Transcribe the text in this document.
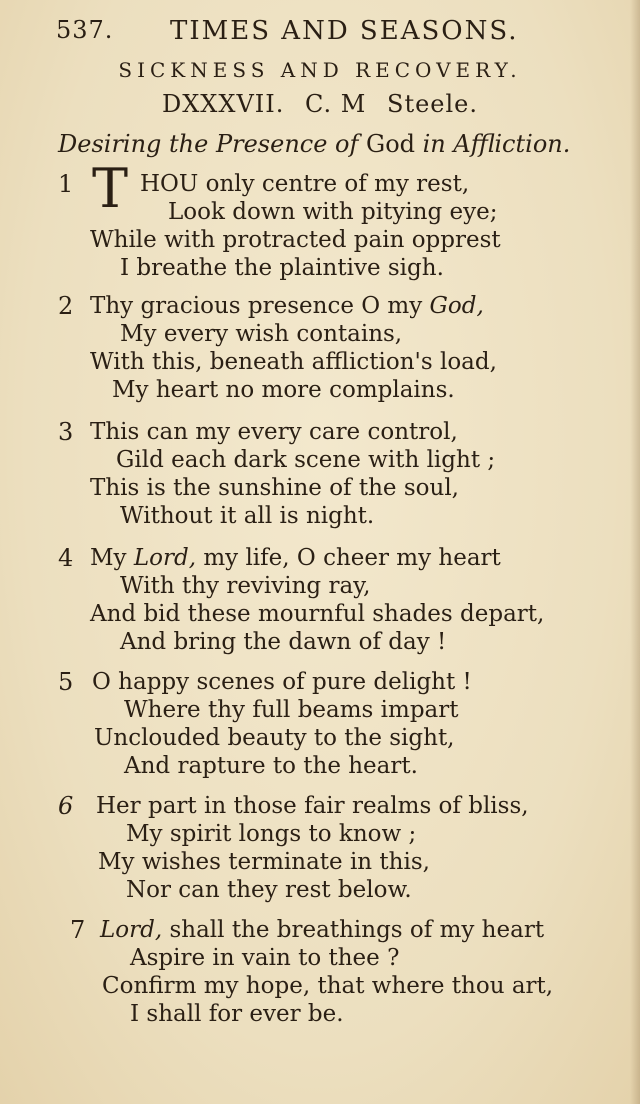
537. TIMES AND SEASONS.
SICKNESS AND RECOVERY.
DXXXVII. C. M Steele.
Desiring the Presence of God in Affliction.
1 T HOU only centre of my rest,
Look down with pitying eye;
While with protracted pain opprest
I breathe the plaintive sigh.
2 Thy gracious presence O my God,
My every wish contains,
With this, beneath affliction's load,
My heart no more complains.
3 This can my every care control,
Gild each dark scene with light ;
This is the sunshine of the soul,
Without it all is night.
4 My Lord, my life, O cheer my heart
With thy reviving ray,
And bid these mournful shades depart,
And bring the dawn of day !
5 O happy scenes of pure delight !
Where thy full beams impart
Unclouded beauty to the sight,
And rapture to the heart.
6 Her part in those fair realms of bliss,
My spirit longs to know ;
My wishes terminate in this,
Nor can they rest below.
7 Lord, shall the breathings of my heart
Aspire in vain to thee ?
Confirm my hope, that where thou art,
I shall for ever be.
